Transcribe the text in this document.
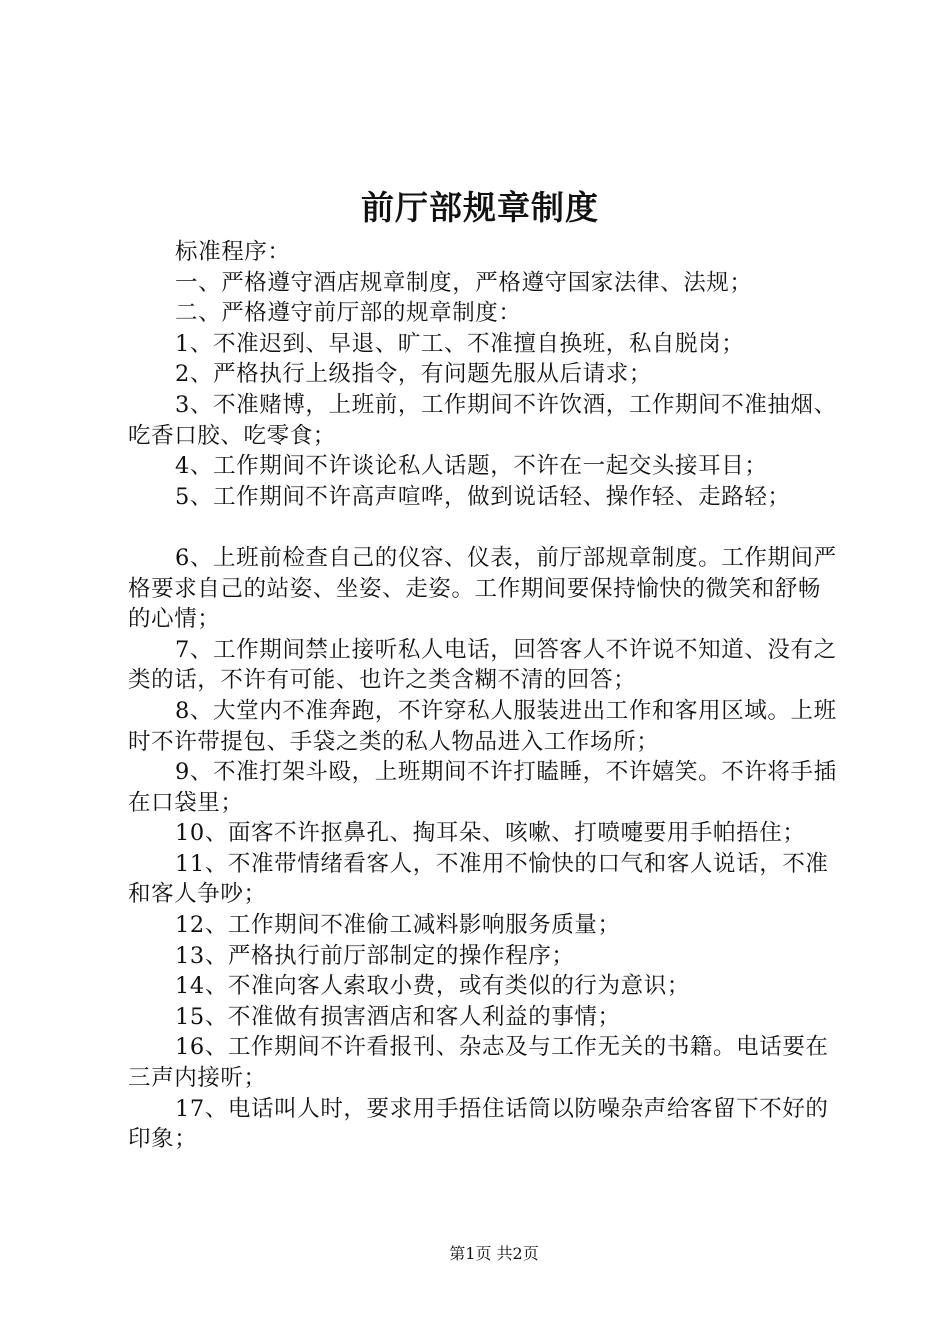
前厅部规章制度

标准程序：

一、严格遵守酒店规章制度，严格遵守国家法律、法规；

二、严格遵守前厅部的规章制度：

1、不准迟到、早退、旷工、不准擅自换班，私自脱岗；

2、严格执行上级指令，有问题先服从后请求；

3、不准赌博，上班前，工作期间不许饮酒，工作期间不准抽烟、吃香口胶、吃零食；

4、工作期间不许谈论私人话题，不许在一起交头接耳目；

5、工作期间不许高声喧哗，做到说话轻、操作轻、走路轻；

6、上班前检查自己的仪容、仪表，前厅部规章制度。工作期间严格要求自己的站姿、坐姿、走姿。工作期间要保持愉快的微笑和舒畅的心情；

7、工作期间禁止接听私人电话，回答客人不许说不知道、没有之类的话，不许有可能、也许之类含糊不清的回答；

8、大堂内不准奔跑，不许穿私人服装进出工作和客用区域。上班时不许带提包、手袋之类的私人物品进入工作场所；

9、不准打架斗殴，上班期间不许打瞌睡，不许嬉笑。不许将手插在口袋里；

10、面客不许抠鼻孔、掏耳朵、咳嗽、打喷嚏要用手帕捂住；

11、不准带情绪看客人，不准用不愉快的口气和客人说话，不准和客人争吵；

12、工作期间不准偷工减料影响服务质量；

13、严格执行前厅部制定的操作程序；

14、不准向客人索取小费，或有类似的行为意识；

15、不准做有损害酒店和客人利益的事情；

16、工作期间不许看报刊、杂志及与工作无关的书籍。电话要在三声内接听；

17、电话叫人时，要求用手捂住话筒以防噪杂声给客留下不好的印象；

第1页 共2页
